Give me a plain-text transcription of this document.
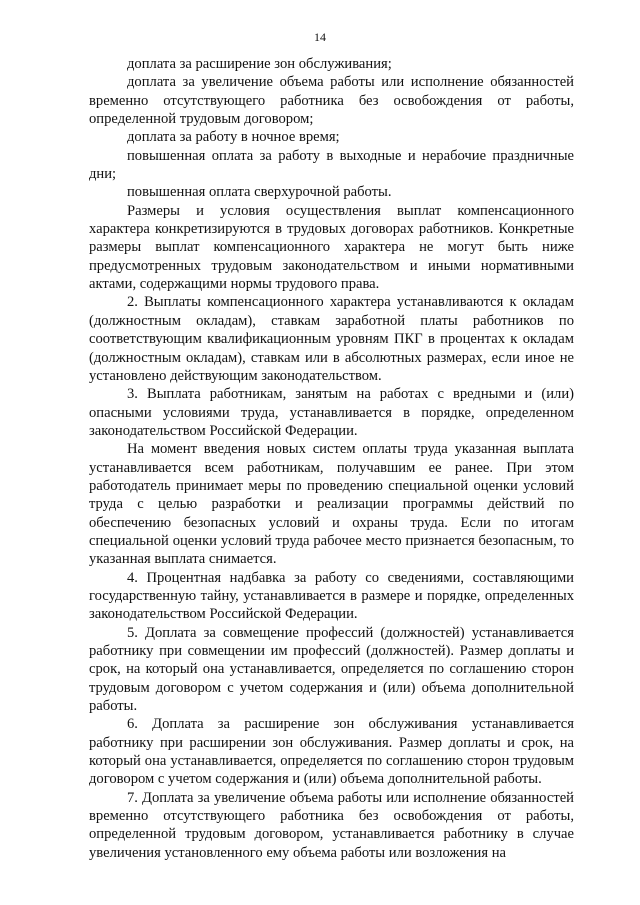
14

доплата за расширение зон обслуживания;

доплата за увеличение объема работы или исполнение обязанностей временно отсутствующего работника без освобождения от работы, определенной трудовым договором;

доплата за работу в ночное время;

повышенная оплата за работу в выходные и нерабочие праздничные дни;

повышенная оплата сверхурочной работы.

Размеры и условия осуществления выплат компенсационного характера конкретизируются в трудовых договорах работников. Конкретные размеры выплат компенсационного характера не могут быть ниже предусмотренных трудовым законодательством и иными нормативными актами, содержащими нормы трудового права.

2. Выплаты компенсационного характера устанавливаются к окладам (должностным окладам), ставкам заработной платы работников по соответствующим квалификационным уровням ПКГ в процентах к окладам (должностным окладам), ставкам или в абсолютных размерах, если иное не установлено действующим законодательством.

3. Выплата работникам, занятым на работах с вредными и (или) опасными условиями труда, устанавливается в порядке, определенном законодательством Российской Федерации.

На момент введения новых систем оплаты труда указанная выплата устанавливается всем работникам, получавшим ее ранее. При этом работодатель принимает меры по проведению специальной оценки условий труда с целью разработки и реализации программы действий по обеспечению безопасных условий и охраны труда. Если по итогам специальной оценки условий труда рабочее место признается безопасным, то указанная выплата снимается.

4. Процентная надбавка за работу со сведениями, составляющими государственную тайну, устанавливается в размере и порядке, определенных законодательством Российской Федерации.

5. Доплата за совмещение профессий (должностей) устанавливается работнику при совмещении им профессий (должностей). Размер доплаты и срок, на который она устанавливается, определяется по соглашению сторон трудовым договором с учетом содержания и (или) объема дополнительной работы.

6. Доплата за расширение зон обслуживания устанавливается работнику при расширении зон обслуживания. Размер доплаты и срок, на который она устанавливается, определяется по соглашению сторон трудовым договором с учетом содержания и (или) объема дополнительной работы.

7. Доплата за увеличение объема работы или исполнение обязанностей временно отсутствующего работника без освобождения от работы, определенной трудовым договором, устанавливается работнику в случае увеличения установленного ему объема работы или возложения на
